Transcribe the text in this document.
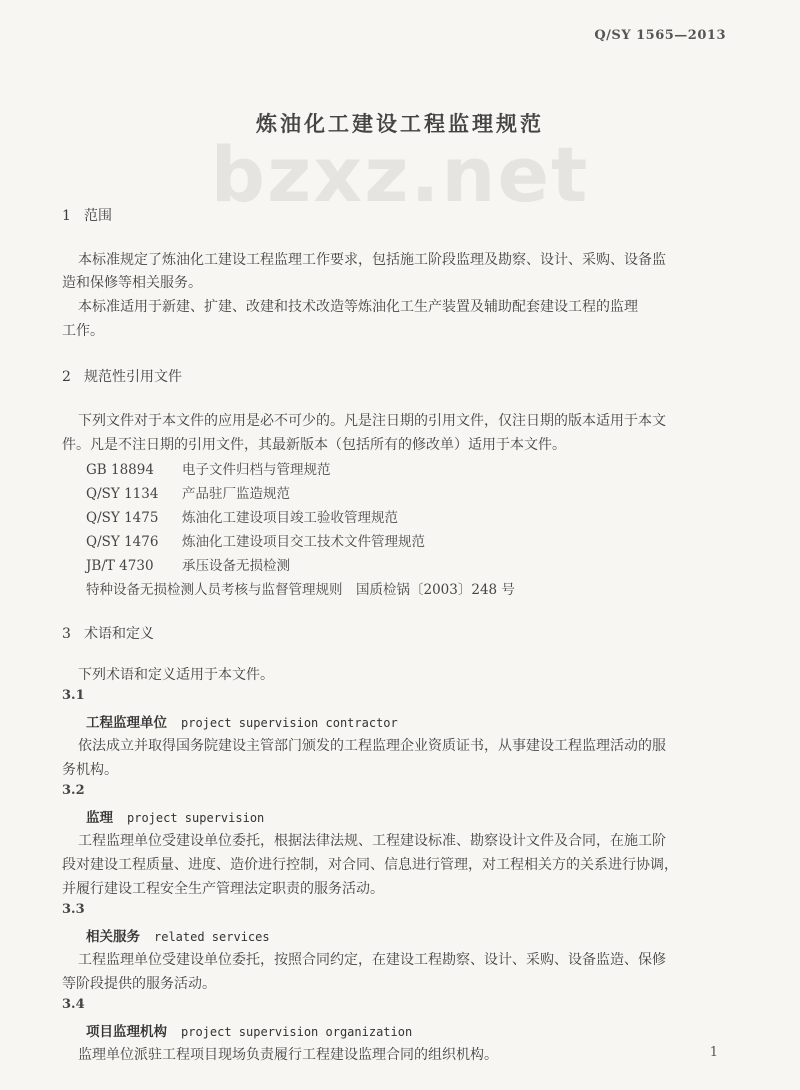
Q/SY 1565—2013
bzxz.net
炼油化工建设工程监理规范
1 范围
本标准规定了炼油化工建设工程监理工作要求，包括施工阶段监理及勘察、设计、采购、设备监
造和保修等相关服务。
本标准适用于新建、扩建、改建和技术改造等炼油化工生产装置及辅助配套建设工程的监理
工作。
2 规范性引用文件
下列文件对于本文件的应用是必不可少的。凡是注日期的引用文件，仅注日期的版本适用于本文
件。凡是不注日期的引用文件，其最新版本（包括所有的修改单）适用于本文件。
GB 18894 电子文件归档与管理规范
Q/SY 1134 产品驻厂监造规范
Q/SY 1475 炼油化工建设项目竣工验收管理规范
Q/SY 1476 炼油化工建设项目交工技术文件管理规范
JB/T 4730 承压设备无损检测
特种设备无损检测人员考核与监督管理规则　国质检锅〔2003〕248 号
3 术语和定义
下列术语和定义适用于本文件。
3.1
工程监理单位 project supervision contractor
依法成立并取得国务院建设主管部门颁发的工程监理企业资质证书，从事建设工程监理活动的服
务机构。
3.2
监理 project supervision
工程监理单位受建设单位委托，根据法律法规、工程建设标准、勘察设计文件及合同，在施工阶
段对建设工程质量、进度、造价进行控制，对合同、信息进行管理，对工程相关方的关系进行协调，
并履行建设工程安全生产管理法定职责的服务活动。
3.3
相关服务 related services
工程监理单位受建设单位委托，按照合同约定，在建设工程勘察、设计、采购、设备监造、保修
等阶段提供的服务活动。
3.4
项目监理机构 project supervision organization
监理单位派驻工程项目现场负责履行工程建设监理合同的组织机构。	1
